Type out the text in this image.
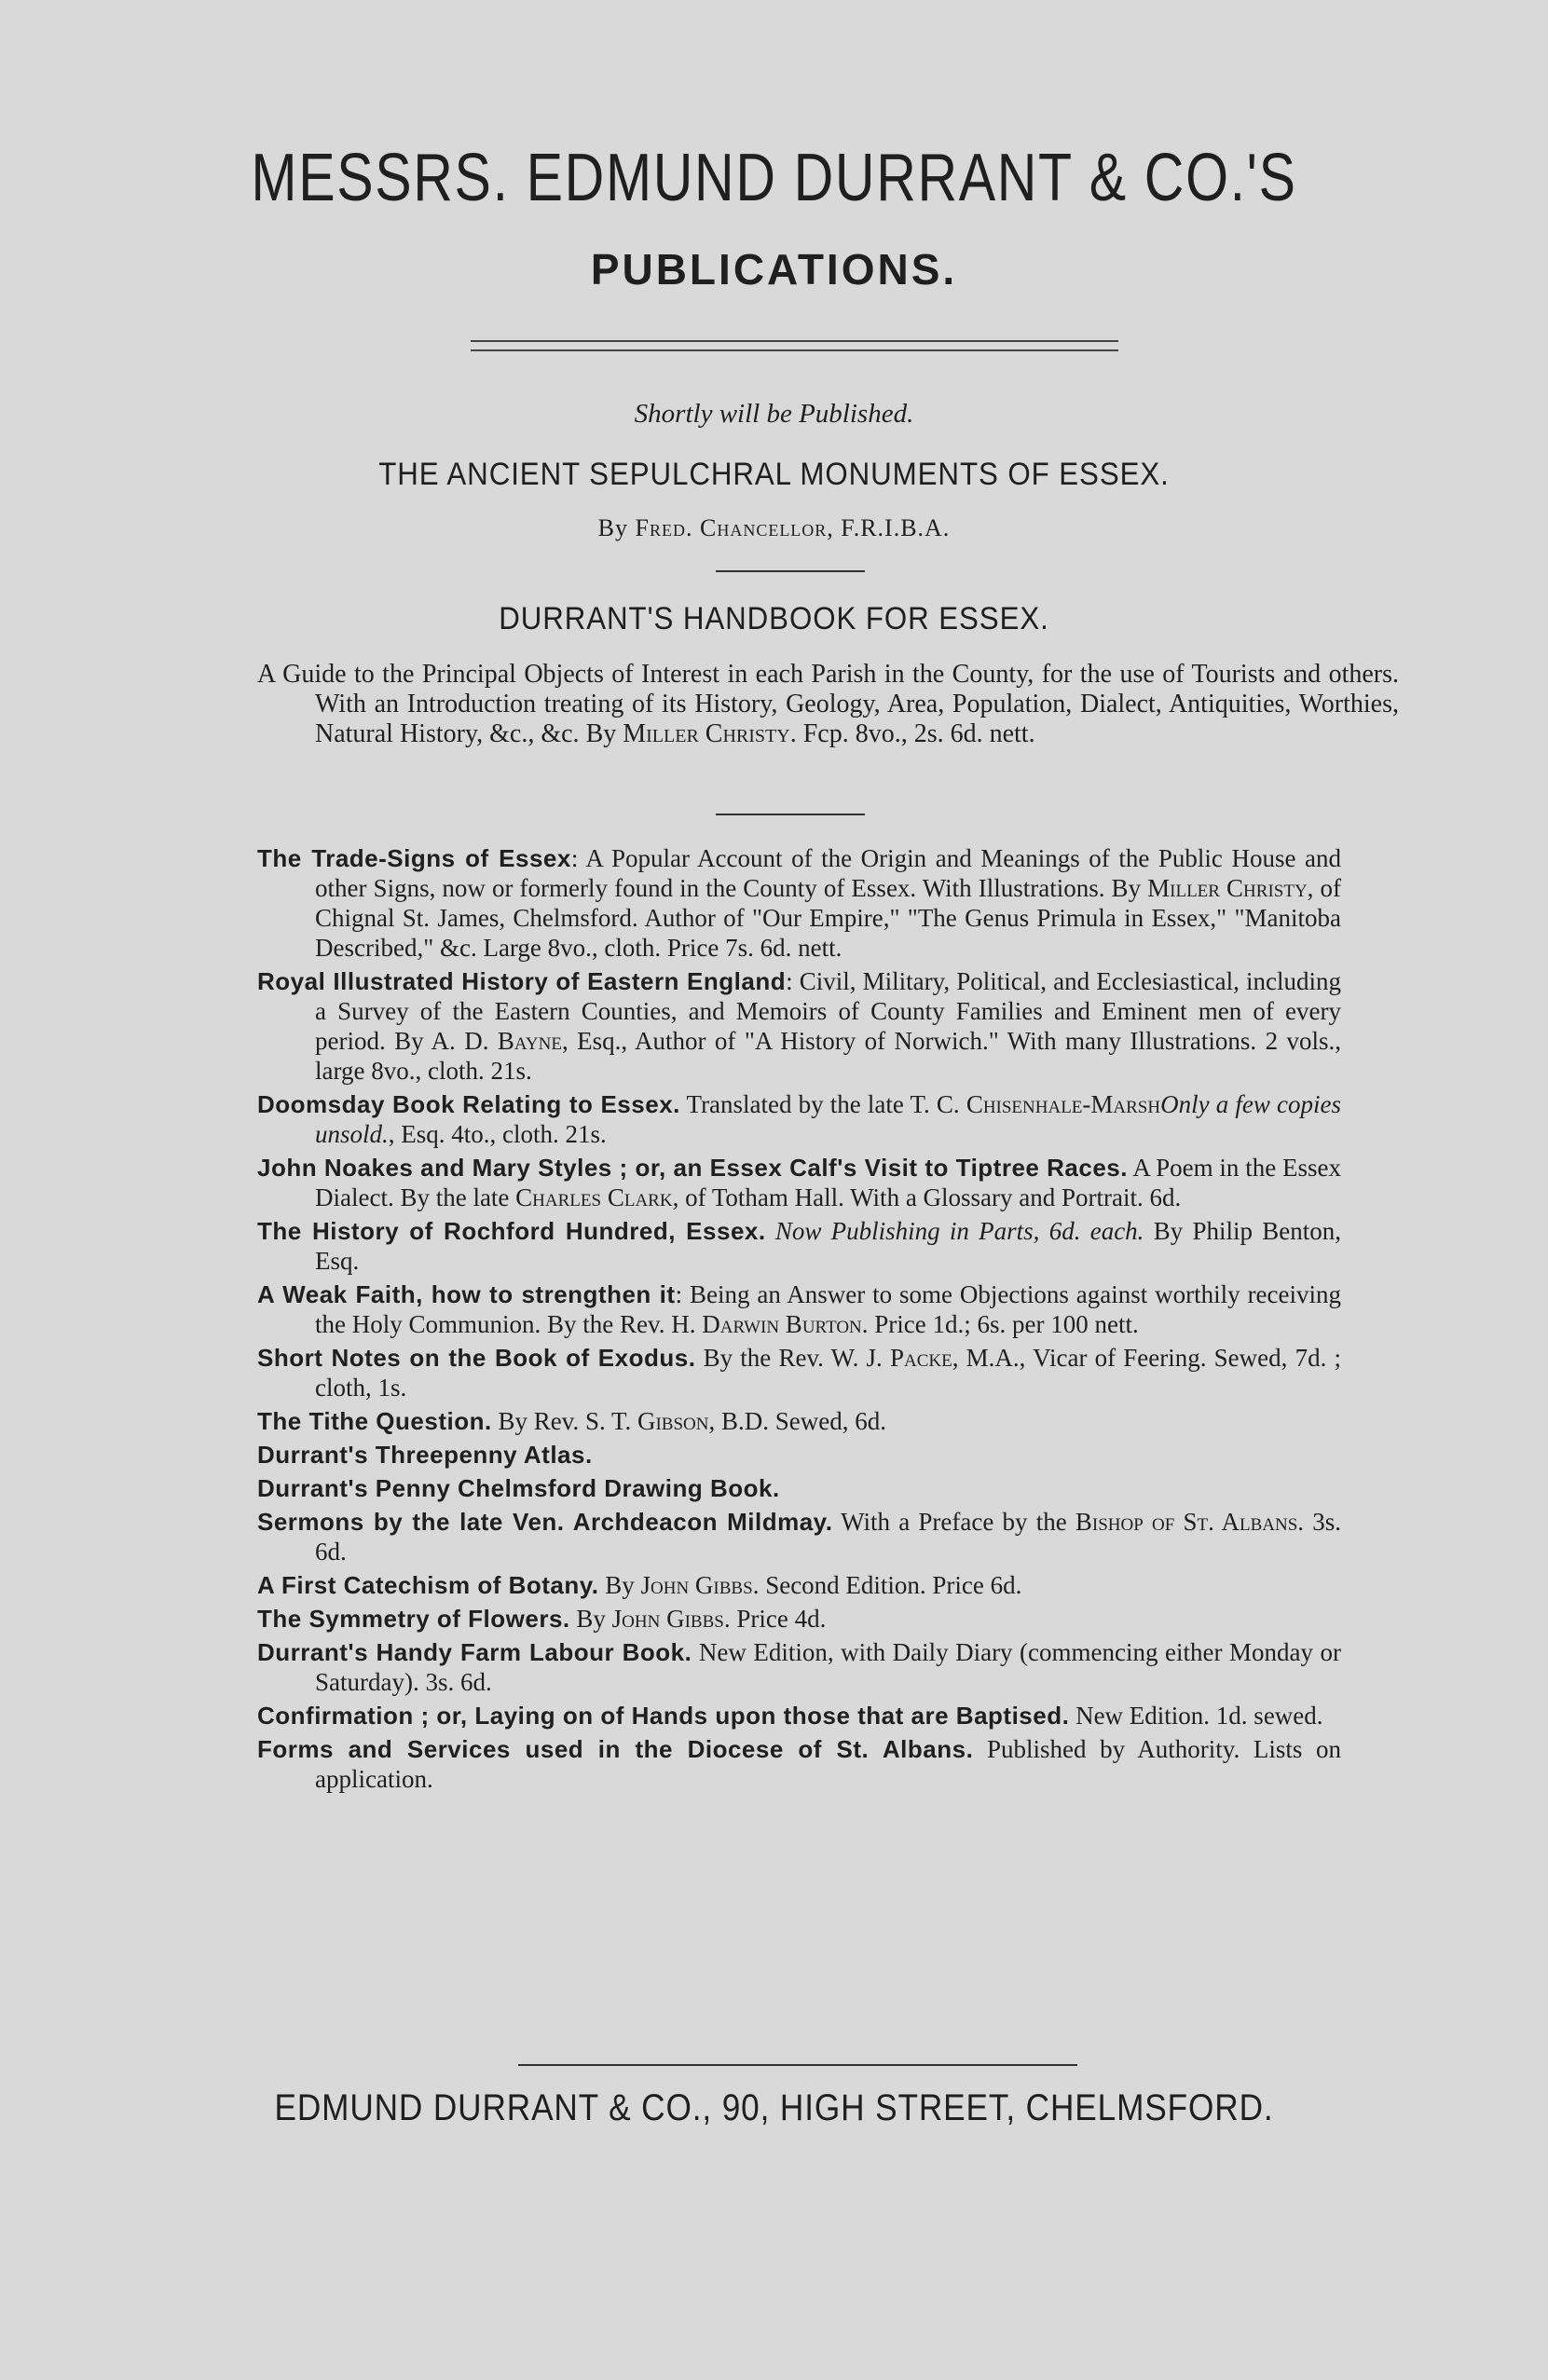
MESSRS. EDMUND DURRANT & CO.'S
PUBLICATIONS.
Shortly will be Published.
THE ANCIENT SEPULCHRAL MONUMENTS OF ESSEX.
By Fred. Chancellor, F.R.I.B.A.
DURRANT'S HANDBOOK FOR ESSEX.
A Guide to the Principal Objects of Interest in each Parish in the County, for the use of Tourists and others. With an Introduction treating of its History, Geology, Area, Population, Dialect, Antiquities, Worthies, Natural History, &c., &c. By Miller Christy. Fcp. 8vo., 2s. 6d. nett.
The Trade-Signs of Essex: A Popular Account of the Origin and Meanings of the Public House and other Signs, now or formerly found in the County of Essex. With Illustrations. By Miller Christy, of Chignal St. James, Chelmsford. Author of "Our Empire," "The Genus Primula in Essex," "Manitoba Described," &c. Large 8vo., cloth. Price 7s. 6d. nett.
Royal Illustrated History of Eastern England: Civil, Military, Political, and Ecclesiastical, including a Survey of the Eastern Counties, and Memoirs of County Families and Eminent men of every period. By A. D. Bayne, Esq., Author of "A History of Norwich." With many Illustrations. 2 vols., large 8vo., cloth. 21s.
Doomsday Book Relating to Essex. Translated by the late T. C. Chisenhale-MarshOnly a few copies unsold., Esq. 4to., cloth. 21s.
John Noakes and Mary Styles ; or, an Essex Calf's Visit to Tiptree Races. A Poem in the Essex Dialect. By the late Charles Clark, of Totham Hall. With a Glossary and Portrait. 6d.
The History of Rochford Hundred, Essex. Now Publishing in Parts, 6d. each. By Philip Benton, Esq.
A Weak Faith, how to strengthen it: Being an Answer to some Objections against worthily receiving the Holy Communion. By the Rev. H. Darwin Burton. Price 1d.; 6s. per 100 nett.
Short Notes on the Book of Exodus. By the Rev. W. J. Packe, M.A., Vicar of Feering. Sewed, 7d. ; cloth, 1s.
The Tithe Question. By Rev. S. T. Gibson, B.D. Sewed, 6d.
Durrant's Threepenny Atlas.
Durrant's Penny Chelmsford Drawing Book.
Sermons by the late Ven. Archdeacon Mildmay. With a Preface by the Bishop of St. Albans. 3s. 6d.
A First Catechism of Botany. By John Gibbs. Second Edition. Price 6d.
The Symmetry of Flowers. By John Gibbs. Price 4d.
Durrant's Handy Farm Labour Book. New Edition, with Daily Diary (commencing either Monday or Saturday). 3s. 6d.
Confirmation ; or, Laying on of Hands upon those that are Baptised. New Edition. 1d. sewed.
Forms and Services used in the Diocese of St. Albans. Published by Authority. Lists on application.
EDMUND DURRANT & CO., 90, HIGH STREET, CHELMSFORD.
